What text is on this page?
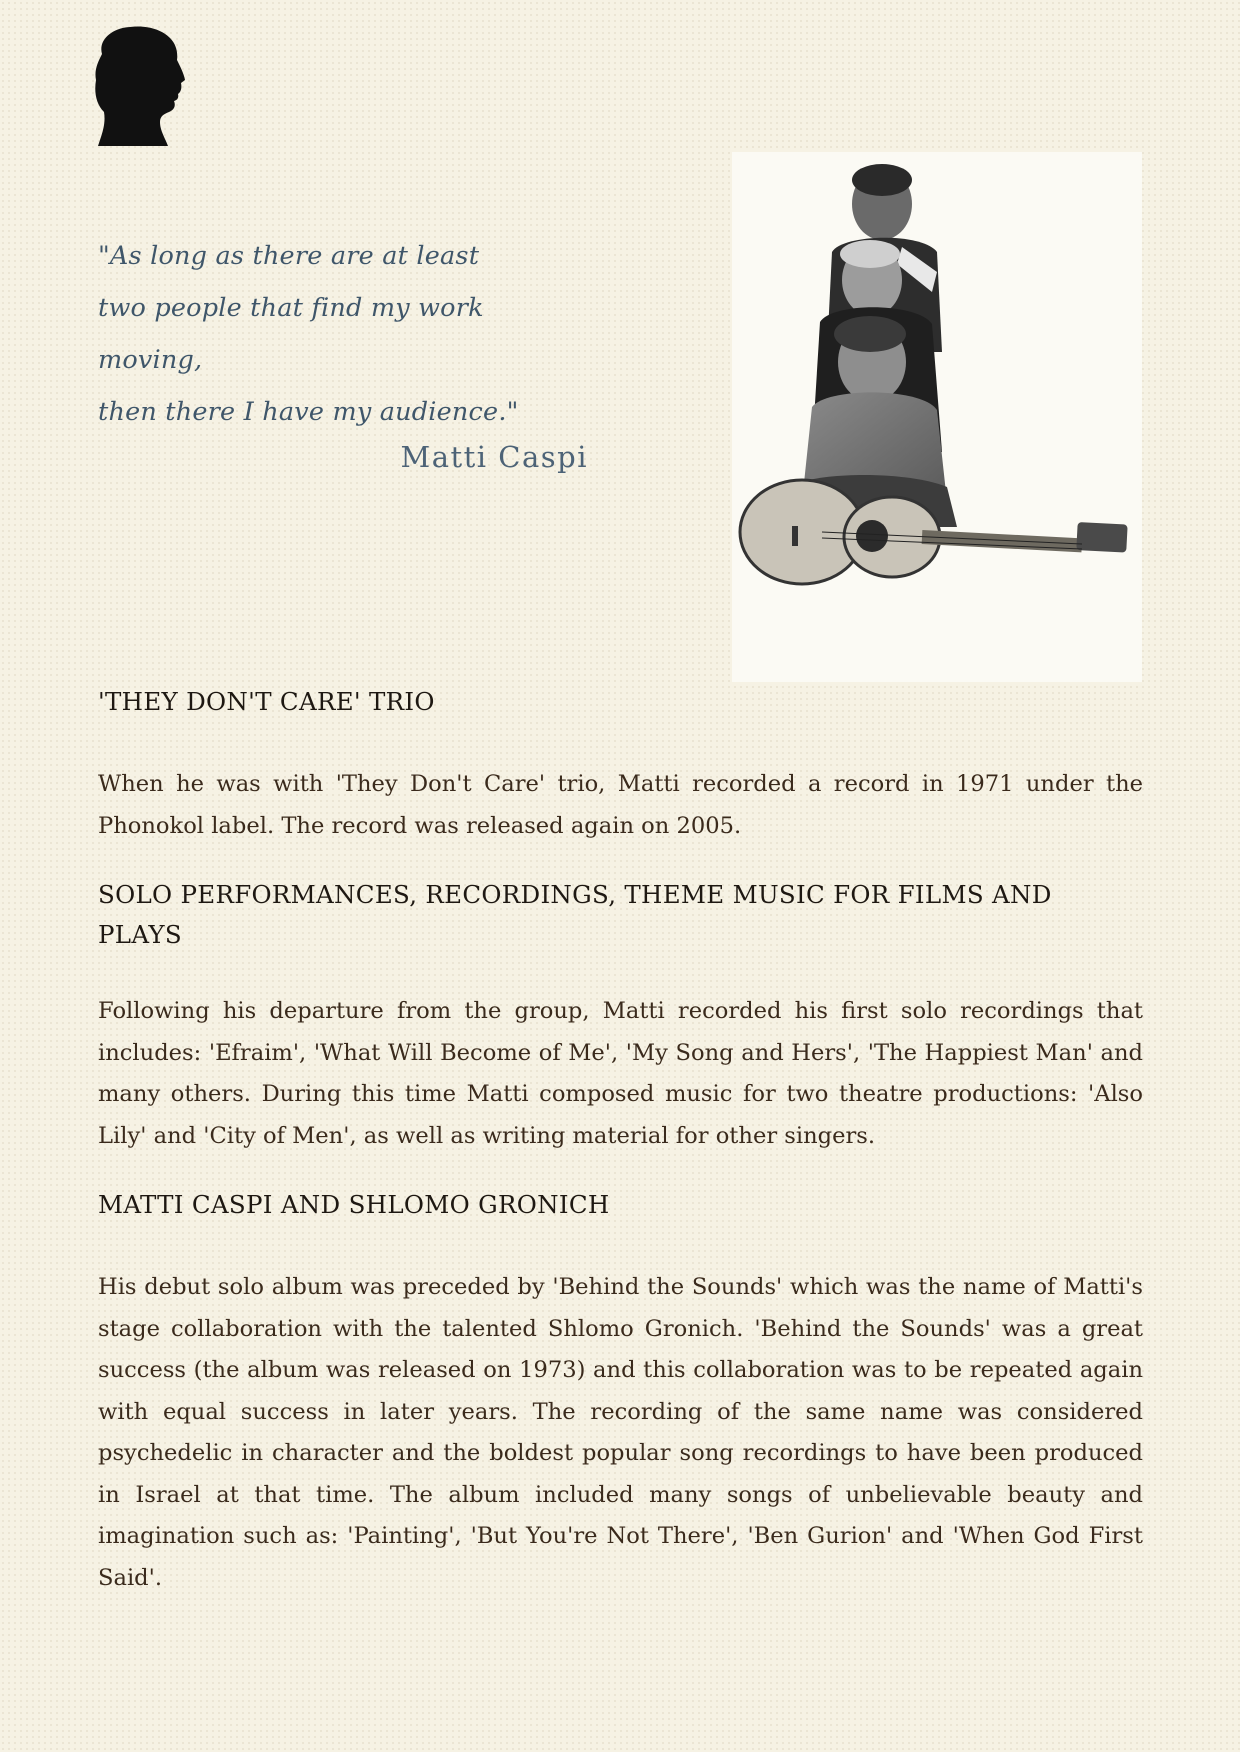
"As long as there are at least

two people that find my work moving,

then there I have my audience."

Matti Caspi
'THEY DON'T CARE' TRIO

When he was with 'They Don't Care' trio, Matti recorded a record in 1971 under the Phonokol label. The record was released again on 2005.

SOLO PERFORMANCES, RECORDINGS, THEME MUSIC FOR FILMS AND PLAYS

Following his departure from the group, Matti recorded his first solo recordings that includes: 'Efraim', 'What Will Become of Me', 'My Song and Hers', 'The Happiest Man' and many others. During this time Matti composed music for two theatre productions: 'Also Lily' and 'City of Men', as well as writing material for other singers.

MATTI CASPI AND SHLOMO GRONICH

His debut solo album was preceded by 'Behind the Sounds' which was the name of Matti's stage collaboration with the talented Shlomo Gronich. 'Behind the Sounds' was a great success (the album was released on 1973) and this collaboration was to be repeated again with equal success in later years. The recording of the same name was considered psychedelic in character and the boldest popular song recordings to have been produced in Israel at that time. The album included many songs of unbelievable beauty and imagination such as: 'Painting', 'But You're Not There', 'Ben Gurion' and 'When God First Said'.
